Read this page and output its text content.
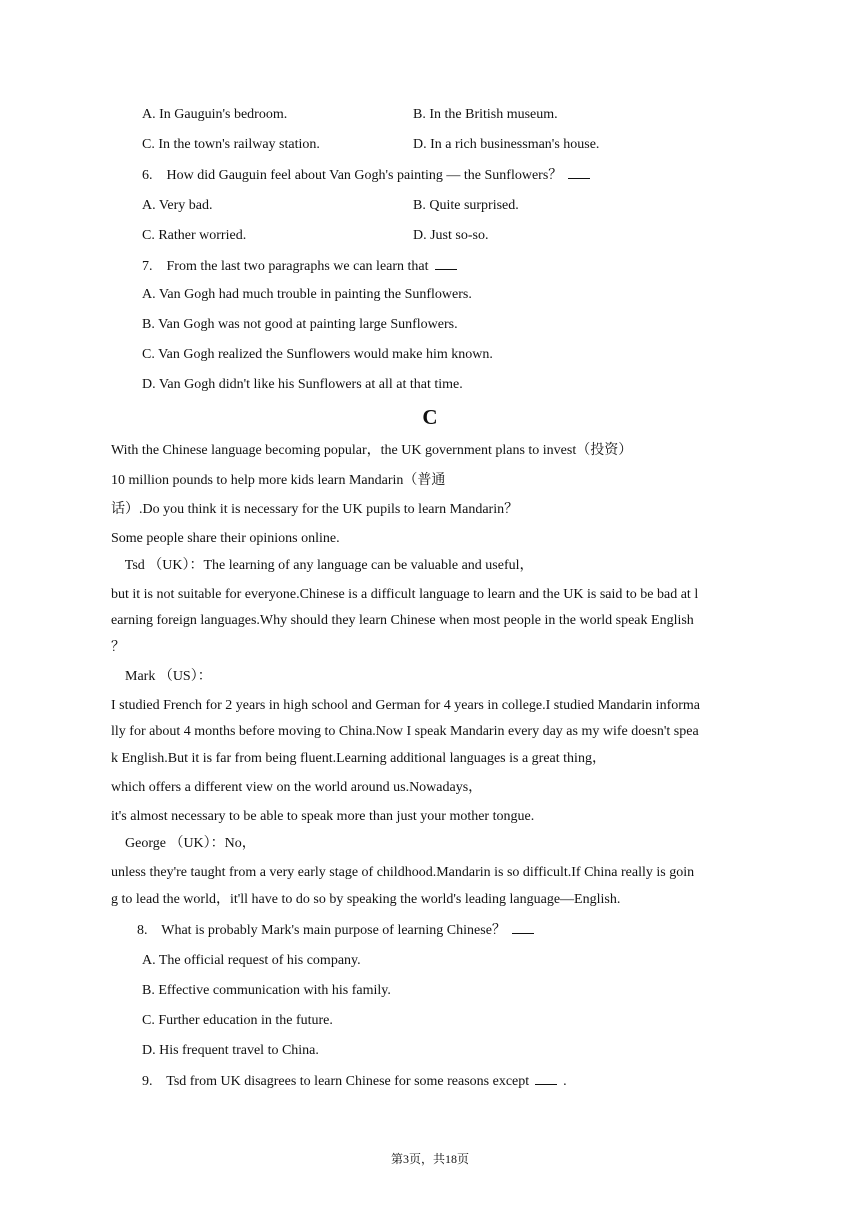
A. In Gauguin's bedroom.	B. In the British museum.
C. In the town's railway station.	D. In a rich businessman's house.
6.    How did Gauguin feel about Van Gogh's painting — the Sunflowers？
A. Very bad.	B. Quite surprised.
C. Rather worried.	D. Just so-so.
7.    From the last two paragraphs we can learn that
A. Van Gogh had much trouble in painting the Sunflowers.
B. Van Gogh was not good at painting large Sunflowers.
C. Van Gogh realized the Sunflowers would make him known.
D. Van Gogh didn't like his Sunflowers at all at that time.
C
With the Chinese language becoming popular，the UK government plans to invest（投资）
10 million pounds to help more kids learn Mandarin（普通
话）.Do you think it is necessary for the UK pupils to learn Mandarin？
Some people share their opinions online.
Tsd （UK）：The learning of any language can be valuable and useful，
but it is not suitable for everyone.Chinese is a difficult language to learn and the UK is said to be bad at l
earning foreign languages.Why should they learn Chinese when most people in the world speak English
？
Mark （US）：
I studied French for 2 years in high school and German for 4 years in college.I studied Mandarin informa
lly for about 4 months before moving to China.Now I speak Mandarin every day as my wife doesn't spea
k English.But it is far from being fluent.Learning additional languages is a great thing，
which offers a different view on the world around us.Nowadays，
it's almost necessary to be able to speak more than just your mother tongue.
George （UK）：No，
unless they're taught from a very early stage of childhood.Mandarin is so difficult.If China really is goin
g to lead the world，it'll have to do so by speaking the world's leading language—English.
8.    What is probably Mark's main purpose of learning Chinese？
A. The official request of his company.
B. Effective communication with his family.
C. Further education in the future.
D. His frequent travel to China.
9.    Tsd from UK disagrees to learn Chinese for some reasons except .
第3页，共18页
